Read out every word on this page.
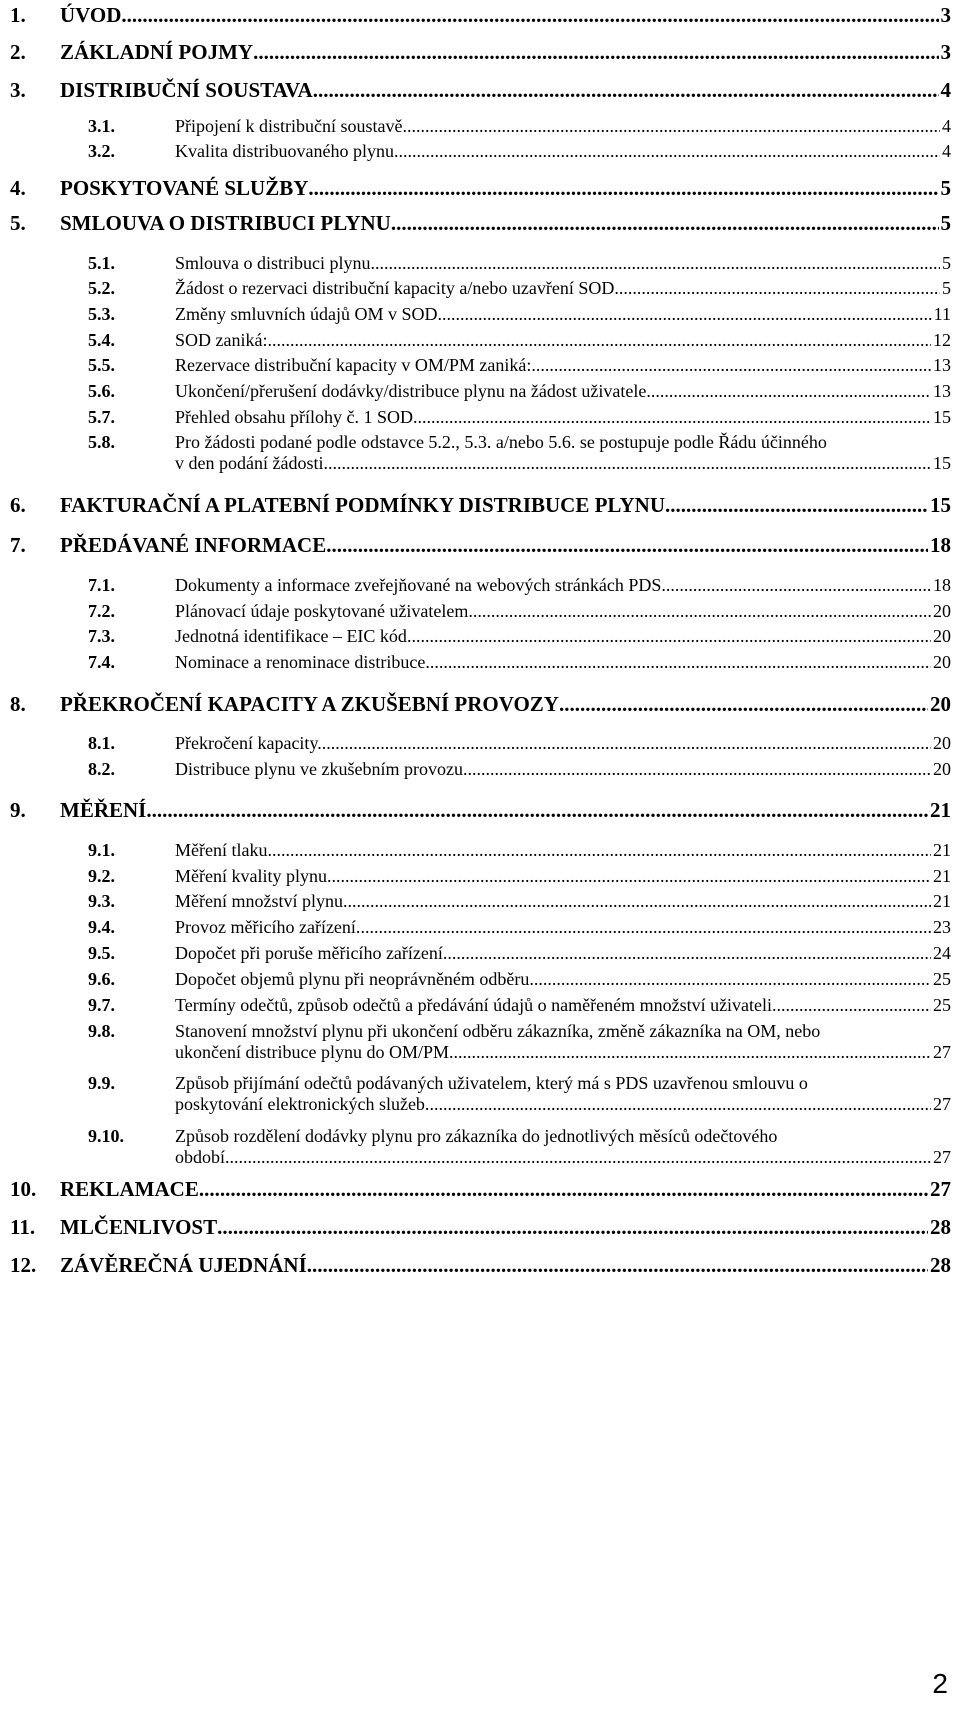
1.	ÚVOD .....	3
2.	ZÁKLADNÍ POJMY .....	3
3.	DISTRIBUČNÍ SOUSTAVA .....	4
3.1.	Připojení k distribuční soustavě .....	4
3.2.	Kvalita distribuovaného plynu .....	4
4.	POSKYTOVANÉ SLUŽBY .....	5
5.	SMLOUVA O DISTRIBUCI PLYNU .....	5
5.1.	Smlouva o distribuci plynu .....	5
5.2.	Žádost o rezervaci distribuční kapacity a/nebo uzavření SOD. .....	5
5.3.	Změny smluvních údajů OM v SOD. .....	11
5.4.	SOD zaniká: .....	12
5.5.	Rezervace distribuční kapacity v OM/PM zaniká: .....	13
5.6.	Ukončení/přerušení dodávky/distribuce plynu na žádost uživatele. .....	13
5.7.	Přehled obsahu přílohy č. 1 SOD .....	15
5.8.	Pro žádosti podané podle odstavce 5.2., 5.3. a/nebo 5.6. se postupuje podle Řádu účinného
v den podání žádosti. .....	15
6.	FAKTURAČNÍ A PLATEBNÍ PODMÍNKY DISTRIBUCE PLYNU .....	15
7.	PŘEDÁVANÉ INFORMACE .....	18
7.1.	Dokumenty a informace zveřejňované na webových stránkách PDS. .....	18
7.2.	Plánovací údaje poskytované uživatelem .....	20
7.3.	Jednotná identifikace – EIC kód .....	20
7.4.	Nominace a renominace distribuce .....	20
8.	PŘEKROČENÍ KAPACITY A ZKUŠEBNÍ PROVOZY .....	20
8.1.	Překročení kapacity. .....	20
8.2.	Distribuce plynu ve zkušebním provozu. .....	20
9.	MĚŘENÍ .....	21
9.1.	Měření tlaku. .....	21
9.2.	Měření kvality plynu. .....	21
9.3.	Měření množství plynu. .....	21
9.4.	Provoz měřicího zařízení. .....	23
9.5.	Dopočet při poruše měřicího zařízení. .....	24
9.6.	Dopočet objemů plynu při neoprávněném odběru. .....	25
9.7.	Termíny odečtů, způsob odečtů a předávání údajů o naměřeném množství uživateli. .....	25
9.8.	Stanovení množství plynu při ukončení odběru zákazníka, změně zákazníka na OM, nebo
ukončení distribuce plynu do OM/PM. .....	27
9.9.	Způsob přijímání odečtů podávaných uživatelem, který má s PDS uzavřenou smlouvu o
poskytování elektronických služeb. .....	27
9.10.	Způsob rozdělení dodávky plynu pro zákazníka do jednotlivých měsíců odečtového
období. .....	27
10.	REKLAMACE .....	27
11.	MLČENLIVOST .....	28
12.	ZÁVĚREČNÁ UJEDNÁNÍ .....	28
2
